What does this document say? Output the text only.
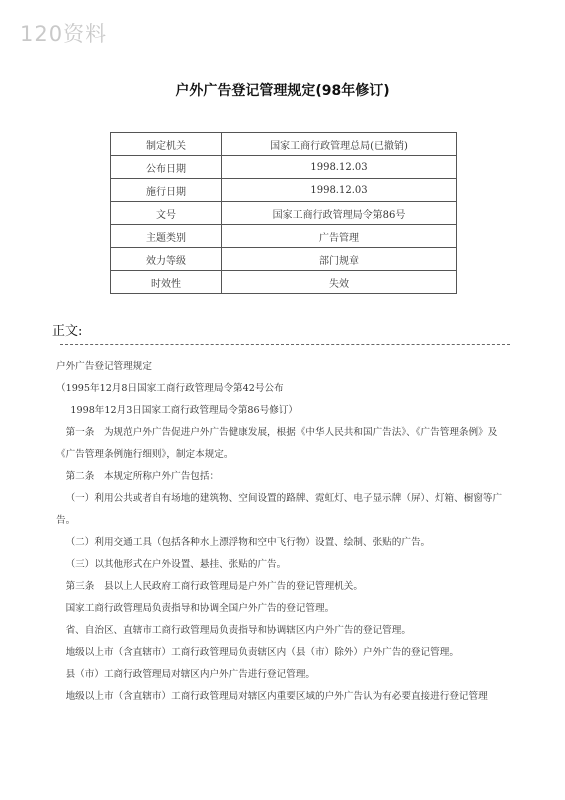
120资料
户外广告登记管理规定(98年修订)
制定机关	国家工商行政管理总局(已撤销)
公布日期	1998.12.03
施行日期	1998.12.03
文号	国家工商行政管理局令第86号
主题类别	广告管理
效力等级	部门规章
时效性	失效
正文:

户外广告登记管理规定

（1995年12月8日国家工商行政管理局令第42号公布

1998年12月3日国家工商行政管理局令第86号修订）

第一条　为规范户外广告促进户外广告健康发展，根据《中华人民共和国广告法》、《广告管理条例》及《广告管理条例施行细则》，制定本规定。

第二条　本规定所称户外广告包括：

（一）利用公共或者自有场地的建筑物、空间设置的路牌、霓虹灯、电子显示牌（屏）、灯箱、橱窗等广告。

（二）利用交通工具（包括各种水上漂浮物和空中飞行物）设置、绘制、张贴的广告。

（三）以其他形式在户外设置、悬挂、张贴的广告。

第三条　县以上人民政府工商行政管理局是户外广告的登记管理机关。

国家工商行政管理局负责指导和协调全国户外广告的登记管理。

省、自治区、直辖市工商行政管理局负责指导和协调辖区内户外广告的登记管理。

地级以上市（含直辖市）工商行政管理局负责辖区内（县（市）除外）户外广告的登记管理。

县（市）工商行政管理局对辖区内户外广告进行登记管理。

地级以上市（含直辖市）工商行政管理局对辖区内重要区域的户外广告认为有必要直接进行登记管理
